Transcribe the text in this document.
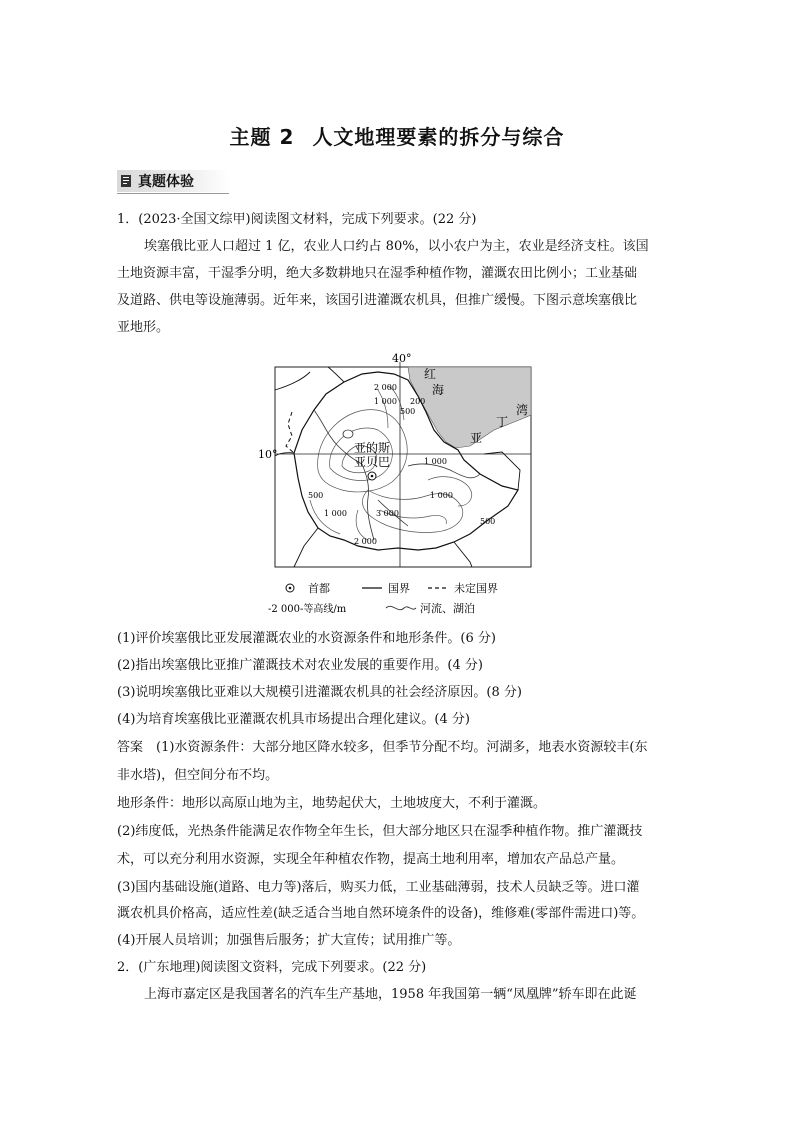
主题 2 人文地理要素的拆分与综合
真题体验
1．(2023·全国文综甲)阅读图文材料，完成下列要求。(22 分)
埃塞俄比亚人口超过 1 亿，农业人口约占 80%，以小农户为主，农业是经济支柱。该国
土地资源丰富，干湿季分明，绝大多数耕地只在湿季种植作物，灌溉农田比例小；工业基础
及道路、供电等设施薄弱。近年来，该国引进灌溉农机具，但推广缓慢。下图示意埃塞俄比
亚地形。
40°
10°
红
海
亚
丁
湾
2 000
1 000 200
500
1 000
500
1 000
1 000
3 000
2 000
500
亚的斯
亚贝巴
首都	国界	未定国界
-2 000-等高线/m	河流、湖泊
(1)评价埃塞俄比亚发展灌溉农业的水资源条件和地形条件。(6 分)
(2)指出埃塞俄比亚推广灌溉技术对农业发展的重要作用。(4 分)
(3)说明埃塞俄比亚难以大规模引进灌溉农机具的社会经济原因。(8 分)
(4)为培育埃塞俄比亚灌溉农机具市场提出合理化建议。(4 分)
答案　(1)水资源条件：大部分地区降水较多，但季节分配不均。河湖多，地表水资源较丰(东
非水塔)，但空间分布不均。
地形条件：地形以高原山地为主，地势起伏大，土地坡度大，不利于灌溉。
(2)纬度低，光热条件能满足农作物全年生长，但大部分地区只在湿季种植作物。推广灌溉技
术，可以充分利用水资源，实现全年种植农作物，提高土地利用率，增加农产品总产量。
(3)国内基础设施(道路、电力等)落后，购买力低，工业基础薄弱，技术人员缺乏等。进口灌
溉农机具价格高，适应性差(缺乏适合当地自然环境条件的设备)，维修难(零部件需进口)等。
(4)开展人员培训；加强售后服务；扩大宣传；试用推广等。
2．(广东地理)阅读图文资料，完成下列要求。(22 分)
上海市嘉定区是我国著名的汽车生产基地，1958 年我国第一辆“凤凰牌”轿车即在此诞
